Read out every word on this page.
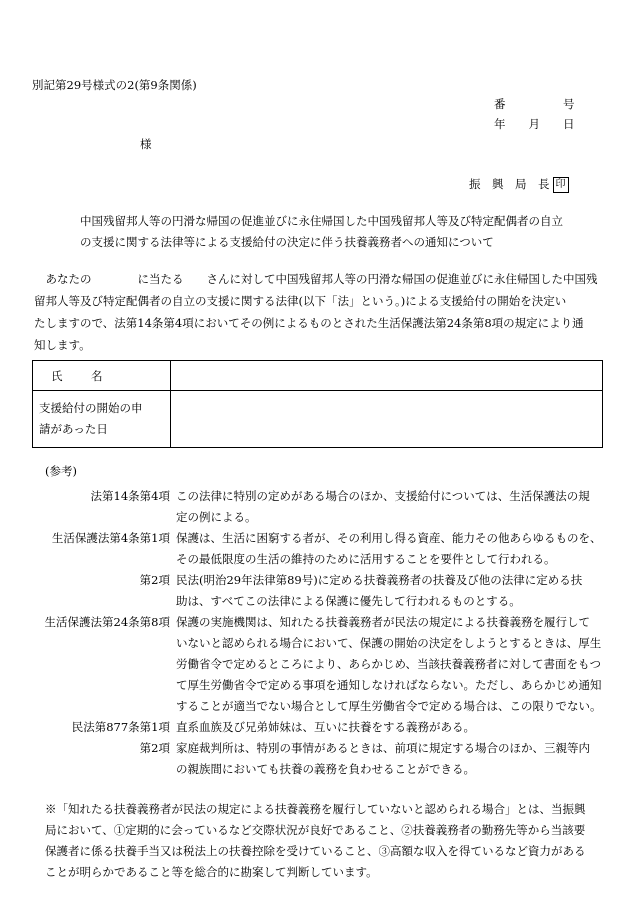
別記第29号様式の2(第9条関係)
番　　　　　号
年　　月　　日
様
振　興　局　長 印
中国残留邦人等の円滑な帰国の促進並びに永住帰国した中国残留邦人等及び特定配偶者の自立
の支援に関する法律等による支援給付の決定に伴う扶養義務者への通知について
　あなたの　　　　に当たる　　さんに対して中国残留邦人等の円滑な帰国の促進並びに永住帰国した中国残
留邦人等及び特定配偶者の自立の支援に関する法律(以下「法」という。)による支援給付の開始を決定い
たしますので、法第14条第4項においてその例によるものとされた生活保護法第24条第8項の規定により通
知します。
氏 名	

支援給付の開始の申
請があった日	

(参考)
法第14条第4項 この法律に特別の定めがある場合のほか、支援給付については、生活保護法の規
定の例による。
生活保護法第4条第1項 保護は、生活に困窮する者が、その利用し得る資産、能力その他あらゆるものを、
その最低限度の生活の維持のために活用することを要件として行われる。
第2項 民法(明治29年法律第89号)に定める扶養義務者の扶養及び他の法律に定める扶
助は、すべてこの法律による保護に優先して行われるものとする。
生活保護法第24条第8項 保護の実施機関は、知れたる扶養義務者が民法の規定による扶養義務を履行して
いないと認められる場合において、保護の開始の決定をしようとするときは、厚生
労働省令で定めるところにより、あらかじめ、当該扶養義務者に対して書面をもつ
て厚生労働省令で定める事項を通知しなければならない。ただし、あらかじめ通知
することが適当でない場合として厚生労働省令で定める場合は、この限りでない。
民法第877条第1項 直系血族及び兄弟姉妹は、互いに扶養をする義務がある。
第2項 家庭裁判所は、特別の事情があるときは、前項に規定する場合のほか、三親等内
の親族間においても扶養の義務を負わせることができる。
※「知れたる扶養義務者が民法の規定による扶養義務を履行していないと認められる場合」とは、当振興
局において、①定期的に会っているなど交際状況が良好であること、②扶養義務者の勤務先等から当該要
保護者に係る扶養手当又は税法上の扶養控除を受けていること、③高額な収入を得ているなど資力がある
ことが明らかであること等を総合的に勘案して判断しています。
